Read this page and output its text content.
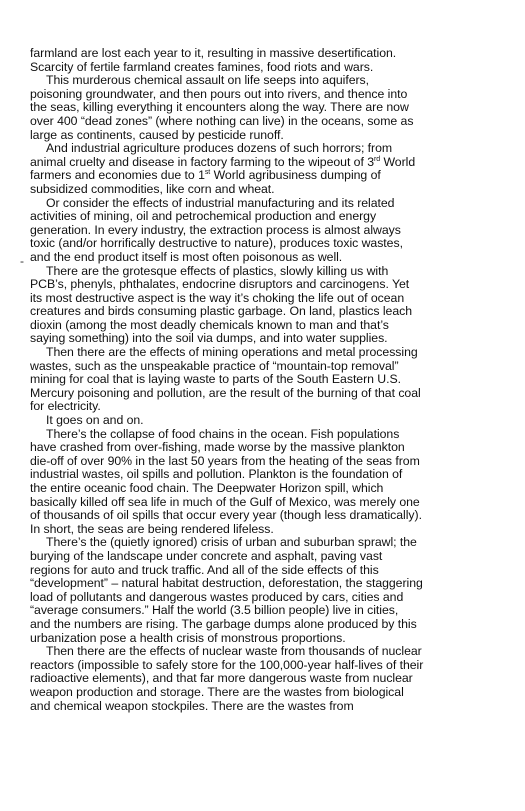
-
farmland are lost each year to it, resulting in massive desertification.
Scarcity of fertile farmland creates famines, food riots and wars.
This murderous chemical assault on life seeps into aquifers,
poisoning groundwater, and then pours out into rivers, and thence into
the seas, killing everything it encounters along the way. There are now
over 400 “dead zones” (where nothing can live) in the oceans, some as
large as continents, caused by pesticide runoff.
And industrial agriculture produces dozens of such horrors; from
animal cruelty and disease in factory farming to the wipeout of 3rd World
farmers and economies due to 1st World agribusiness dumping of
subsidized commodities, like corn and wheat.
Or consider the effects of industrial manufacturing and its related
activities of mining, oil and petrochemical production and energy
generation. In every industry, the extraction process is almost always
toxic (and/or horrifically destructive to nature), produces toxic wastes,
and the end product itself is most often poisonous as well.
There are the grotesque effects of plastics, slowly killing us with
PCB’s, phenyls, phthalates, endocrine disruptors and carcinogens. Yet
its most destructive aspect is the way it’s choking the life out of ocean
creatures and birds consuming plastic garbage. On land, plastics leach
dioxin (among the most deadly chemicals known to man and that’s
saying something) into the soil via dumps, and into water supplies.
Then there are the effects of mining operations and metal processing
wastes, such as the unspeakable practice of “mountain-top removal”
mining for coal that is laying waste to parts of the South Eastern U.S.
Mercury poisoning and pollution, are the result of the burning of that coal
for electricity.
It goes on and on.
There’s the collapse of food chains in the ocean. Fish populations
have crashed from over-fishing, made worse by the massive plankton
die-off of over 90% in the last 50 years from the heating of the seas from
industrial wastes, oil spills and pollution. Plankton is the foundation of
the entire oceanic food chain. The Deepwater Horizon spill, which
basically killed off sea life in much of the Gulf of Mexico, was merely one
of thousands of oil spills that occur every year (though less dramatically).
In short, the seas are being rendered lifeless.
There’s the (quietly ignored) crisis of urban and suburban sprawl; the
burying of the landscape under concrete and asphalt, paving vast
regions for auto and truck traffic. And all of the side effects of this
“development” – natural habitat destruction, deforestation, the staggering
load of pollutants and dangerous wastes produced by cars, cities and
“average consumers.” Half the world (3.5 billion people) live in cities,
and the numbers are rising. The garbage dumps alone produced by this
urbanization pose a health crisis of monstrous proportions.
Then there are the effects of nuclear waste from thousands of nuclear
reactors (impossible to safely store for the 100,000-year half-lives of their
radioactive elements), and that far more dangerous waste from nuclear
weapon production and storage. There are the wastes from biological
and chemical weapon stockpiles. There are the wastes from
